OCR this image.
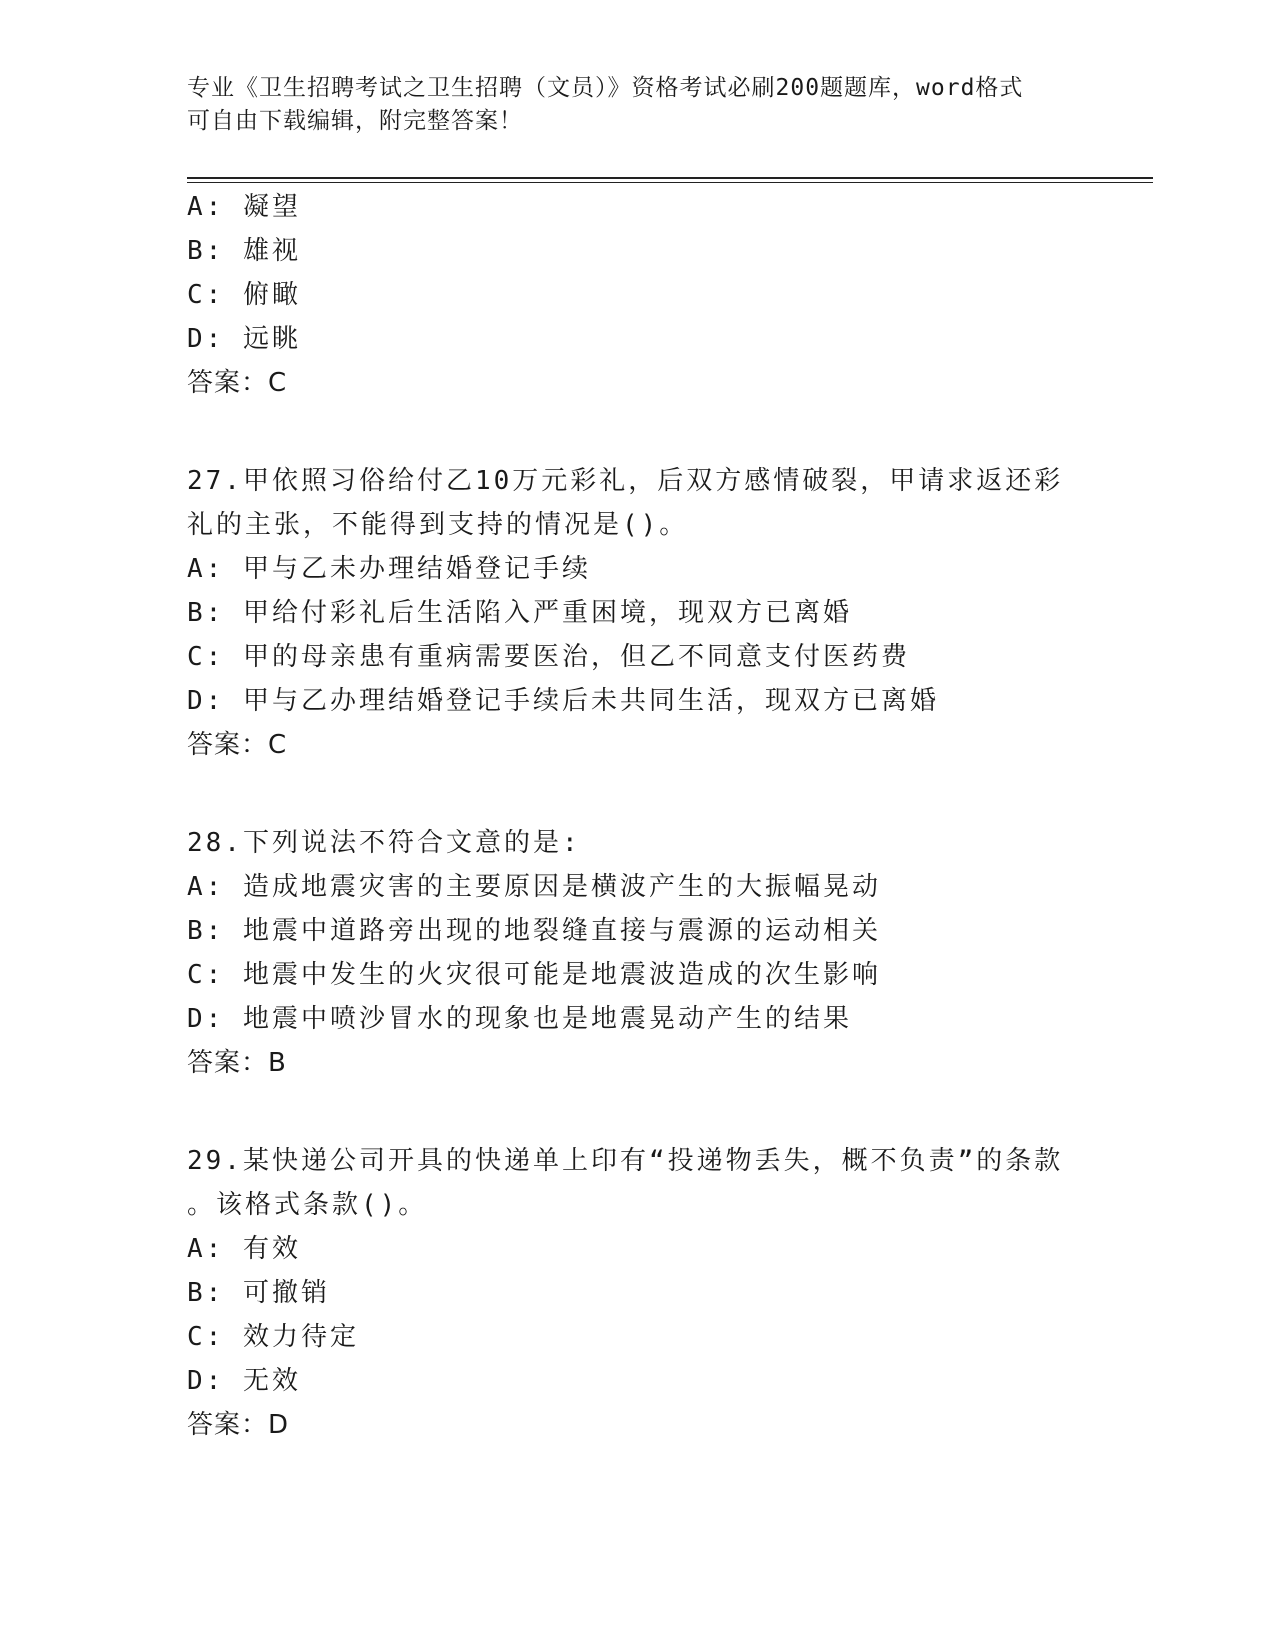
专业《卫生招聘考试之卫生招聘（文员）》资格考试必刷200题题库，word格式
可自由下载编辑，附完整答案！
A: 凝望
B: 雄视
C: 俯瞰
D: 远眺
答案：C
27.甲依照习俗给付乙10万元彩礼，后双方感情破裂，甲请求返还彩
礼的主张，不能得到支持的情况是()。
A: 甲与乙未办理结婚登记手续
B: 甲给付彩礼后生活陷入严重困境，现双方已离婚
C: 甲的母亲患有重病需要医治，但乙不同意支付医药费
D: 甲与乙办理结婚登记手续后未共同生活，现双方已离婚
答案：C
28.下列说法不符合文意的是:
A: 造成地震灾害的主要原因是横波产生的大振幅晃动
B: 地震中道路旁出现的地裂缝直接与震源的运动相关
C: 地震中发生的火灾很可能是地震波造成的次生影响
D: 地震中喷沙冒水的现象也是地震晃动产生的结果
答案：B
29.某快递公司开具的快递单上印有“投递物丢失，概不负责”的条款
。该格式条款()。
A: 有效
B: 可撤销
C: 效力待定
D: 无效
答案：D
